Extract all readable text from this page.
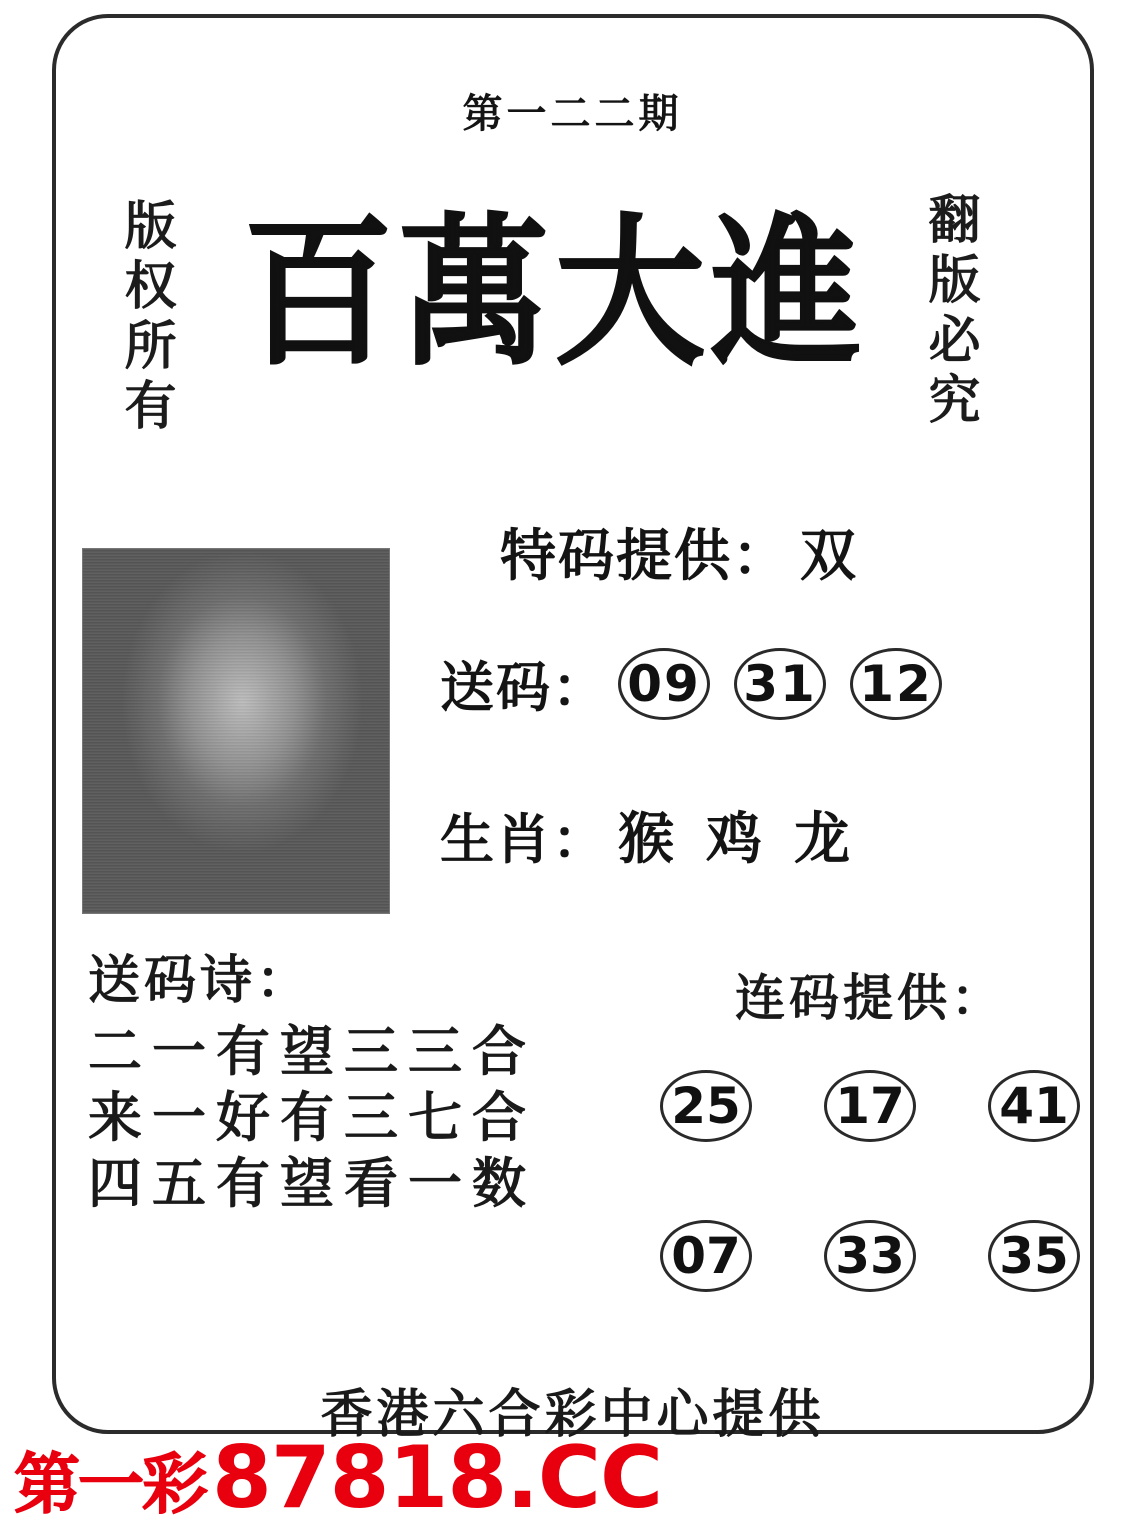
第一二二期
版权所有	翻版必究
百萬大進
特码提供： 双
送码： 09 31 12
生肖： 猴 鸡 龙
送码诗：
二一有望三三合
来一好有三七合
四五有望看一数
连码提供：
25 17 41
07 33 35
香港六合彩中心提供
第一彩 87818.CC
